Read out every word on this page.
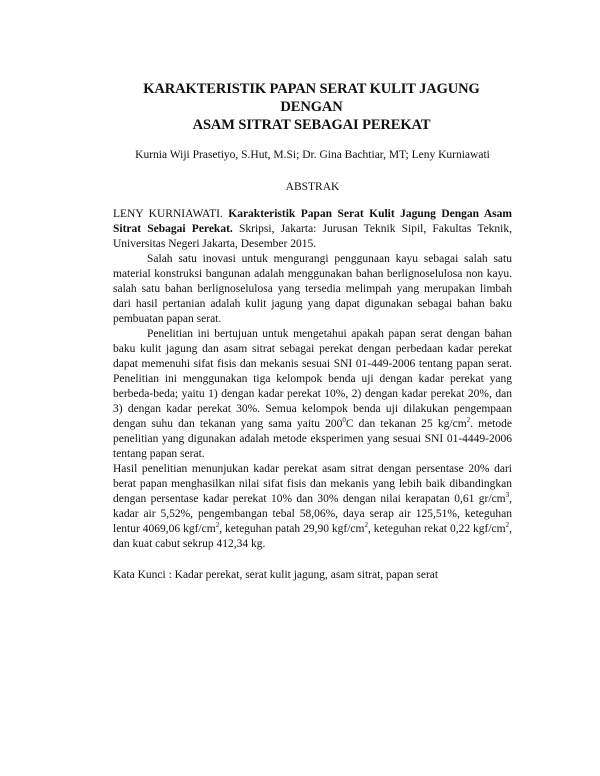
KARAKTERISTIK PAPAN SERAT KULIT JAGUNG DENGAN
ASAM SITRAT SEBAGAI PEREKAT
Kurnia Wiji Prasetiyo, S.Hut, M.Si; Dr. Gina Bachtiar, MT; Leny Kurniawati
ABSTRAK

LENY KURNIAWATI. Karakteristik Papan Serat Kulit Jagung Dengan Asam Sitrat Sebagai Perekat. Skripsi, Jakarta: Jurusan Teknik Sipil, Fakultas Teknik, Universitas Negeri Jakarta, Desember 2015.

Salah satu inovasi untuk mengurangi penggunaan kayu sebagai salah satu material konstruksi bangunan adalah menggunakan bahan berlignoselulosa non kayu. salah satu bahan berlignoselulosa yang tersedia melimpah yang merupakan limbah dari hasil pertanian adalah kulit jagung yang dapat digunakan sebagai bahan baku pembuatan papan serat.

Penelitian ini bertujuan untuk mengetahui apakah papan serat dengan bahan baku kulit jagung dan asam sitrat sebagai perekat dengan perbedaan kadar perekat dapat memenuhi sifat fisis dan mekanis sesuai SNI 01-449-2006 tentang papan serat. Penelitian ini menggunakan tiga kelompok benda uji dengan kadar perekat yang berbeda-beda; yaitu 1) dengan kadar perekat 10%, 2) dengan kadar perekat 20%, dan 3) dengan kadar perekat 30%. Semua kelompok benda uji dilakukan pengempaan dengan suhu dan tekanan yang sama yaitu $200^0C$ dan tekanan 25 $kg/cm^2$. metode penelitian yang digunakan adalah metode eksperimen yang sesuai SNI 01-4449-2006 tentang papan serat.

Hasil penelitian menunjukan kadar perekat asam sitrat dengan persentase 20% dari berat papan menghasilkan nilai sifat fisis dan mekanis yang lebih baik dibandingkan dengan persentase kadar perekat 10% dan 30% dengan nilai kerapatan 0,61 $gr/cm^3$, kadar air 5,52%, pengembangan tebal 58,06%, daya serap air 125,51%, keteguhan lentur 4069,06 kgf/$cm^2$, keteguhan patah 29,90 kgf/$cm^2$, keteguhan rekat 0,22 kgf/$cm^2$, dan kuat cabut sekrup 412,34 kg.

Kata Kunci : Kadar perekat, serat kulit jagung, asam sitrat, papan serat
